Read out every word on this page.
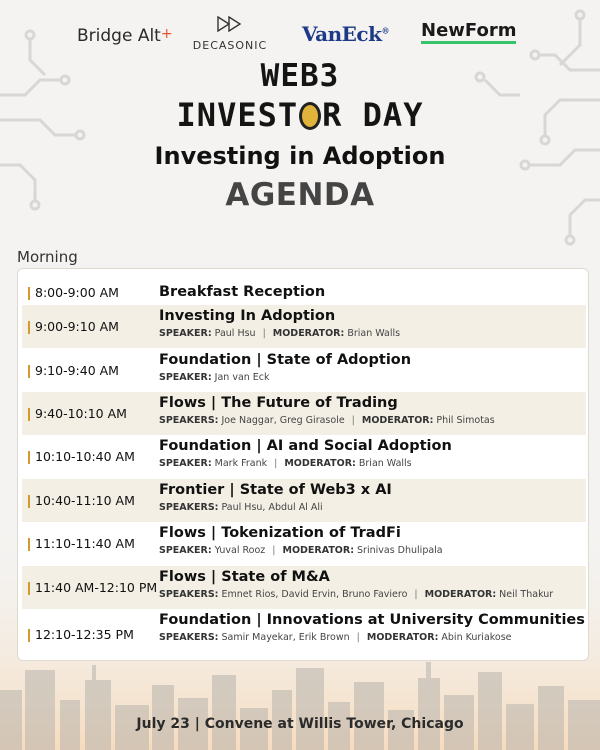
Bridge Alt+
DECASONIC VanEck® NewForm
WEB3
INVEST R DAY
Investing in Adoption
AGENDA
Morning
8:00-9:00 AM	Breakfast Reception
9:00-9:10 AM
Investing In Adoption
SPEAKER: Paul Hsu | MODERATOR: Brian Walls
9:10-9:40 AM
Foundation | State of Adoption
SPEAKER: Jan van Eck
9:40-10:10 AM
Flows | The Future of Trading
SPEAKERS: Joe Naggar, Greg Girasole | MODERATOR: Phil Simotas
10:10-10:40 AM
Foundation | AI and Social Adoption
SPEAKER: Mark Frank | MODERATOR: Brian Walls
10:40-11:10 AM
Frontier | State of Web3 x AI
SPEAKERS: Paul Hsu, Abdul Al Ali
11:10-11:40 AM
Flows | Tokenization of TradFi
SPEAKER: Yuval Rooz | MODERATOR: Srinivas Dhulipala
11:40 AM-12:10 PM
Flows | State of M&A
SPEAKERS: Emnet Rios, David Ervin, Bruno Faviero | MODERATOR: Neil Thakur
12:10-12:35 PM
Foundation | Innovations at University Communities
SPEAKERS: Samir Mayekar, Erik Brown | MODERATOR: Abin Kuriakose
July 23 | Convene at Willis Tower, Chicago
